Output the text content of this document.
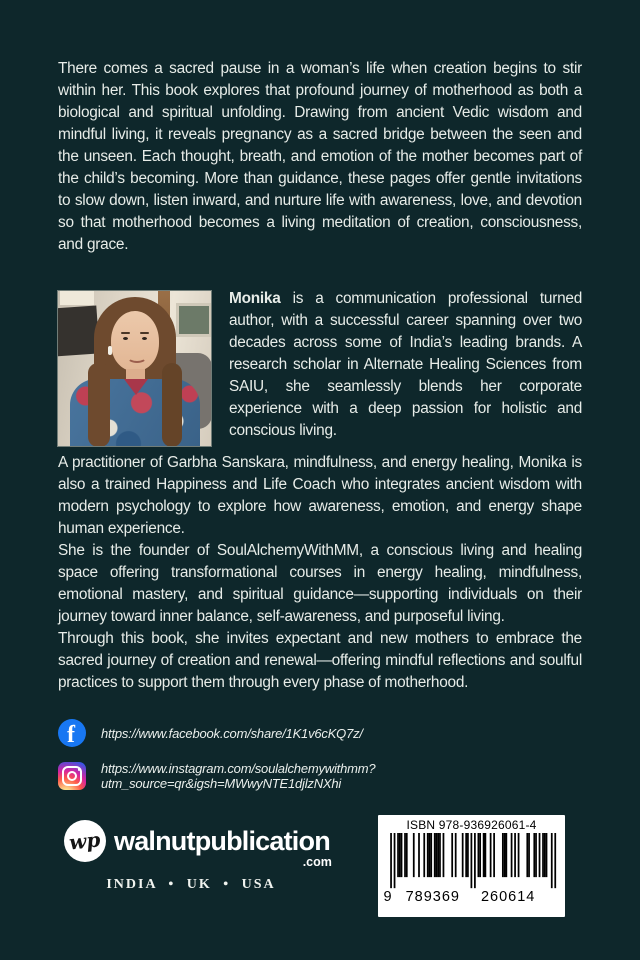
There comes a sacred pause in a woman’s life when creation begins to stir within her. This book explores that profound journey of motherhood as both a biological and spiritual unfolding. Drawing from ancient Vedic wisdom and mindful living, it reveals pregnancy as a sacred bridge between the seen and the unseen. Each thought, breath, and emotion of the mother becomes part of the child’s becoming. More than guidance, these pages offer gentle invitations to slow down, listen inward, and nurture life with awareness, love, and devotion so that motherhood becomes a living meditation of creation, consciousness, and grace.

Monika is a communication professional turned author, with a successful career spanning over two decades across some of India’s leading brands. A research scholar in Alternate Healing Sciences from SAIU, she seamlessly blends her corporate experience with a deep passion for holistic and conscious living.

A practitioner of Garbha Sanskara, mindfulness, and energy healing, Monika is also a trained Happiness and Life Coach who integrates ancient wisdom with modern psychology to explore how awareness, emotion, and energy shape human experience.

She is the founder of SoulAlchemyWithMM, a conscious living and healing space offering transformational courses in energy healing, mindfulness, emotional mastery, and spiritual guidance—supporting individuals on their journey toward inner balance, self-awareness, and purposeful living.

Through this book, she invites expectant and new mothers to embrace the sacred journey of creation and renewal—offering mindful reflections and soulful practices to support them through every phase of motherhood.

f https://www.facebook.com/share/1K1v6cKQ7z/
https://www.instagram.com/soulalchemywithmm?utm_source=qr&igsh=MWwyNTE1djlzNXhi
wp walnutpublication
.com
INDIA • UK • USA
ISBN 978-936926061-4
9 789369 260614
